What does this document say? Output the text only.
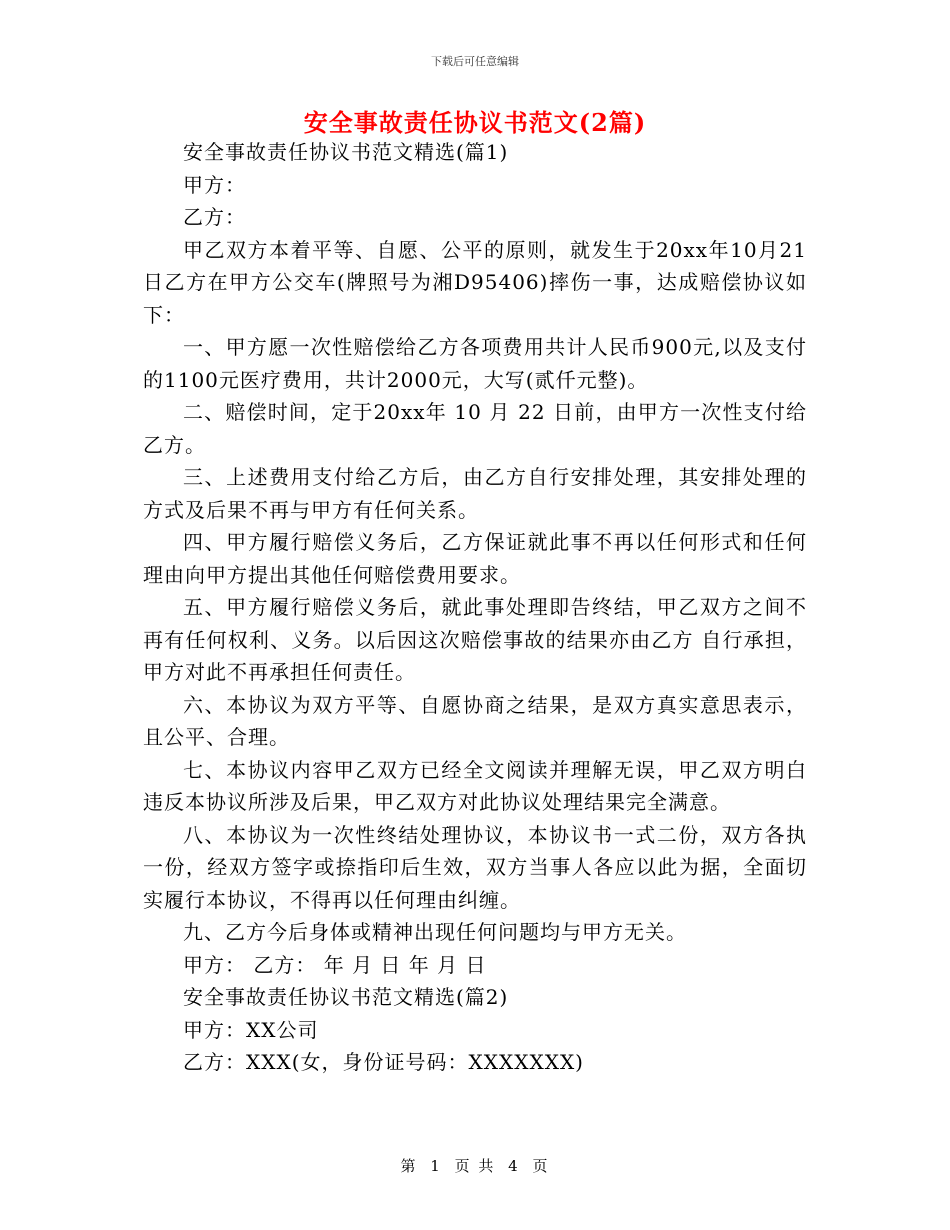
下载后可任意编辑
安全事故责任协议书范文(2篇)

安全事故责任协议书范文精选(篇1)

甲方：

乙方：

甲乙双方本着平等、自愿、公平的原则，就发生于20xx年10月21日乙方在甲方公交车(牌照号为湘D95406)摔伤一事，达成赔偿协议如下：

一、甲方愿一次性赔偿给乙方各项费用共计人民币900元,以及支付的1100元医疗费用，共计2000元，大写(贰仟元整)。

二、赔偿时间，定于20xx年 10 月 22 日前，由甲方一次性支付给乙方。

三、上述费用支付给乙方后，由乙方自行安排处理，其安排处理的方式及后果不再与甲方有任何关系。

四、甲方履行赔偿义务后，乙方保证就此事不再以任何形式和任何理由向甲方提出其他任何赔偿费用要求。

五、甲方履行赔偿义务后，就此事处理即告终结，甲乙双方之间不再有任何权利、义务。以后因这次赔偿事故的结果亦由乙方 自行承担，甲方对此不再承担任何责任。

六、本协议为双方平等、自愿协商之结果，是双方真实意思表示，且公平、合理。

七、本协议内容甲乙双方已经全文阅读并理解无误，甲乙双方明白违反本协议所涉及后果，甲乙双方对此协议处理结果完全满意。

八、本协议为一次性终结处理协议，本协议书一式二份，双方各执一份，经双方签字或捺指印后生效，双方当事人各应以此为据，全面切实履行本协议，不得再以任何理由纠缠。

九、乙方今后身体或精神出现任何问题均与甲方无关。

甲方： 乙方： 年 月 日 年 月 日

安全事故责任协议书范文精选(篇2)

甲方：XX公司

乙方：XXX(女，身份证号码：XXXXXXX)

第 1 页 共 4 页
